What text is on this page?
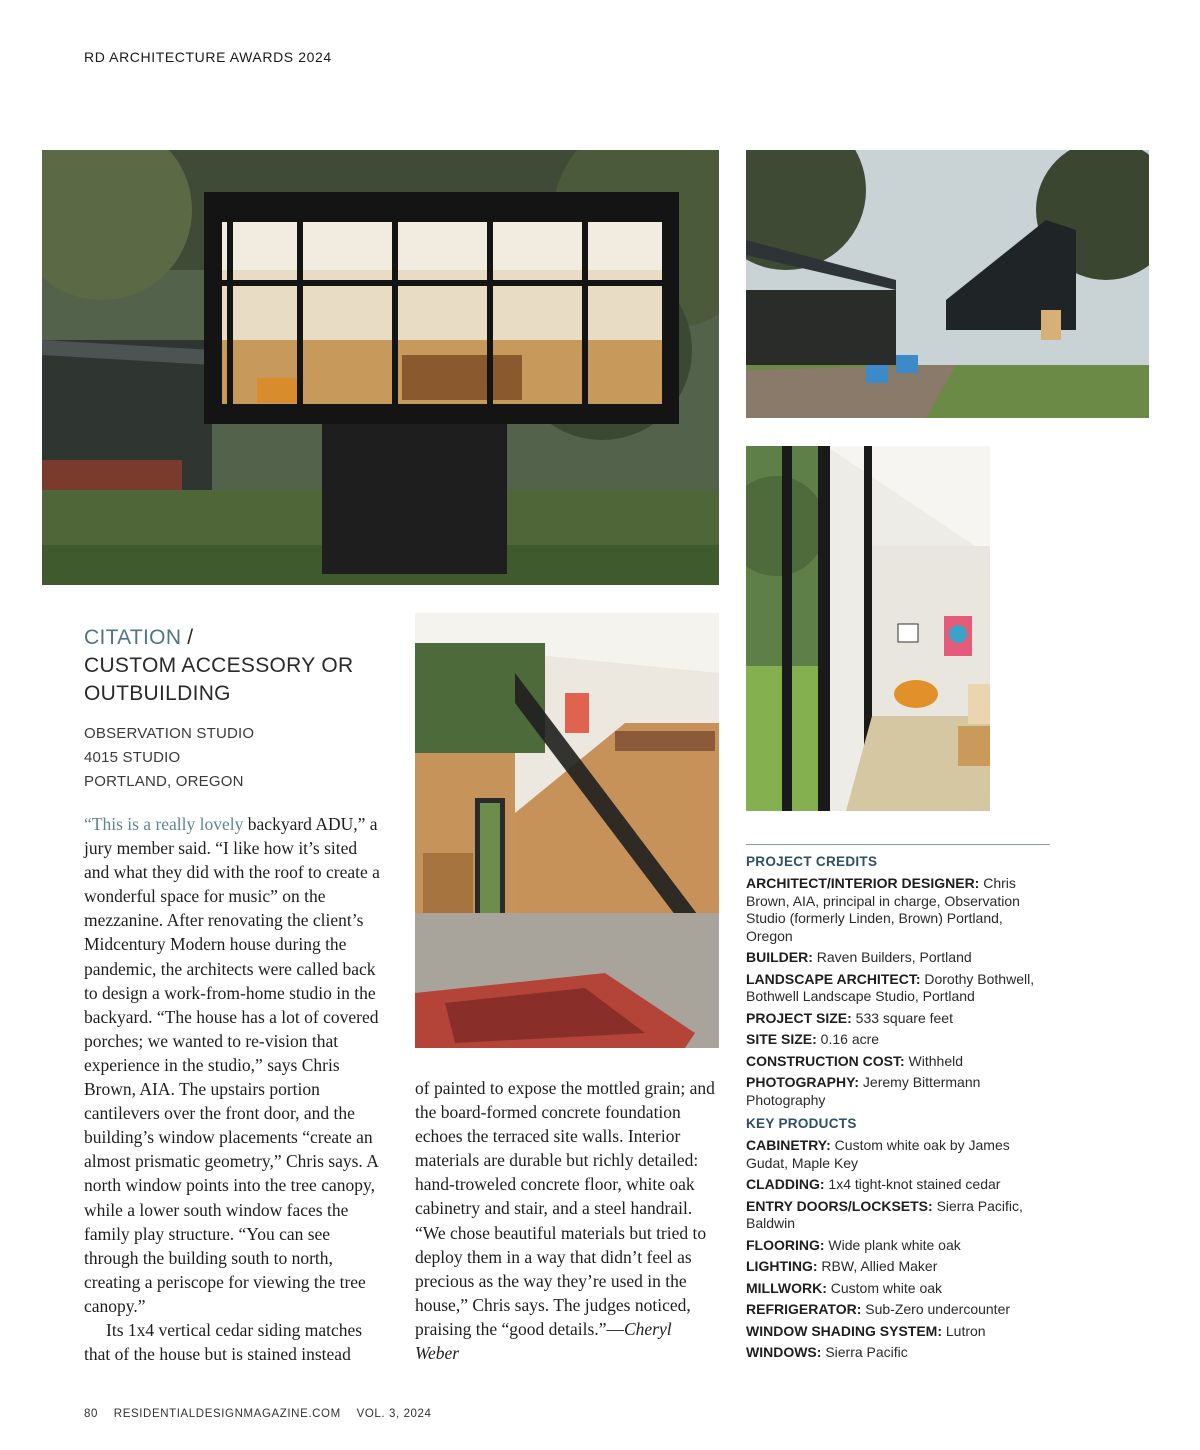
RD ARCHITECTURE AWARDS 2024
CITATION /
CUSTOM ACCESSORY OR
OUTBUILDING
OBSERVATION STUDIO
4015 STUDIO
PORTLAND, OREGON

“This is a really lovely backyard ADU,” a jury member said. “I like how it’s sited and what they did with the roof to create a wonderful space for music” on the mezzanine. After renovating the client’s Midcentury Modern house during the pandemic, the architects were called back to design a work-from-home studio in the backyard. “The house has a lot of covered porches; we wanted to re-vision that experience in the studio,” says Chris Brown, AIA. The upstairs portion cantilevers over the front door, and the building’s window placements “create an almost prismatic geometry,” Chris says. A north window points into the tree canopy, while a lower south window faces the family play structure. “You can see through the building south to north, creating a periscope for viewing the tree canopy.”

Its 1x4 vertical cedar siding matches that of the house but is stained instead

of painted to expose the mottled grain; and the board-formed concrete foundation echoes the terraced site walls. Interior materials are durable but richly detailed: hand-troweled concrete floor, white oak cabinetry and stair, and a steel handrail. “We chose beautiful materials but tried to deploy them in a way that didn’t feel as precious as the way they’re used in the house,” Chris says. The judges noticed, praising the “good details.”—Cheryl Weber

PROJECT CREDITS
ARCHITECT/INTERIOR DESIGNER: Chris Brown, AIA, principal in charge, Observation Studio (formerly Linden, Brown) Portland, Oregon
BUILDER: Raven Builders, Portland
LANDSCAPE ARCHITECT: Dorothy Bothwell, Bothwell Landscape Studio, Portland
PROJECT SIZE: 533 square feet
SITE SIZE: 0.16 acre
CONSTRUCTION COST: Withheld
PHOTOGRAPHY: Jeremy Bittermann Photography
KEY PRODUCTS
CABINETRY: Custom white oak by James Gudat, Maple Key
CLADDING: 1x4 tight-knot stained cedar
ENTRY DOORS/LOCKSETS: Sierra Pacific, Baldwin
FLOORING: Wide plank white oak
LIGHTING: RBW, Allied Maker
MILLWORK: Custom white oak
REFRIGERATOR: Sub-Zero undercounter
WINDOW SHADING SYSTEM: Lutron
WINDOWS: Sierra Pacific
80 RESIDENTIALDESIGNMAGAZINE.COM VOL. 3, 2024
